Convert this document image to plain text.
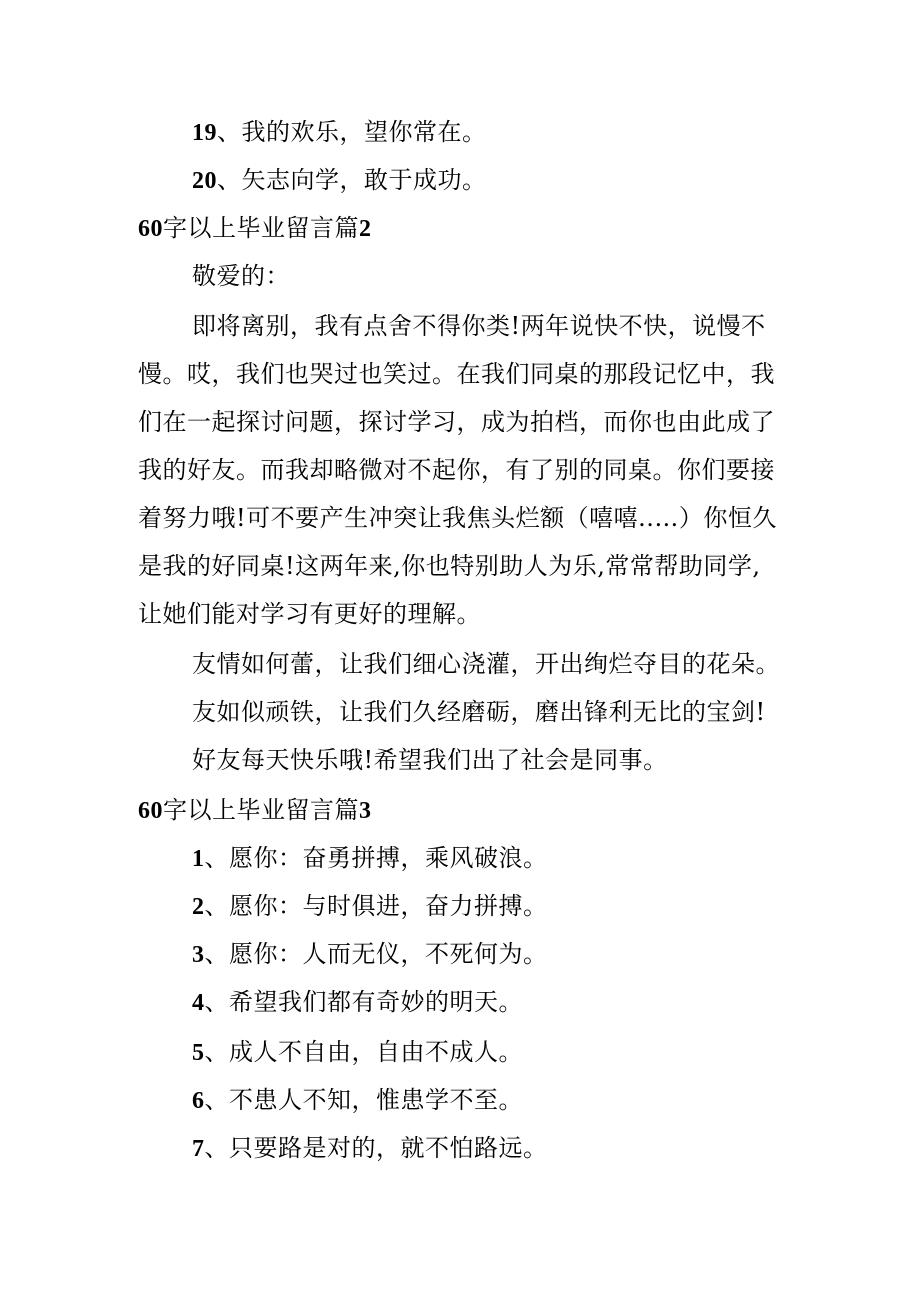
19、我的欢乐，望你常在。
20、矢志向学，敢于成功。
60字以上毕业留言篇2
敬爱的：
即将离别，我有点舍不得你类!两年说快不快，说慢不
慢。哎，我们也哭过也笑过。在我们同桌的那段记忆中，我
们在一起探讨问题，探讨学习，成为拍档，而你也由此成了
我的好友。而我却略微对不起你，有了别的同桌。你们要接
着努力哦!可不要产生冲突让我焦头烂额（嘻嘻..…）你恒久
是我的好同桌!这两年来,你也特别助人为乐,常常帮助同学,
让她们能对学习有更好的理解。
友情如何蕾，让我们细心浇灌，开出绚烂夺目的花朵。
友如似顽铁，让我们久经磨砺，磨出锋利无比的宝剑!
好友每天快乐哦!希望我们出了社会是同事。
60字以上毕业留言篇3
1、愿你：奋勇拼搏，乘风破浪。
2、愿你：与时俱进，奋力拼搏。
3、愿你：人而无仪，不死何为。
4、希望我们都有奇妙的明天。
5、成人不自由，自由不成人。
6、不患人不知，惟患学不至。
7、只要路是对的，就不怕路远。
